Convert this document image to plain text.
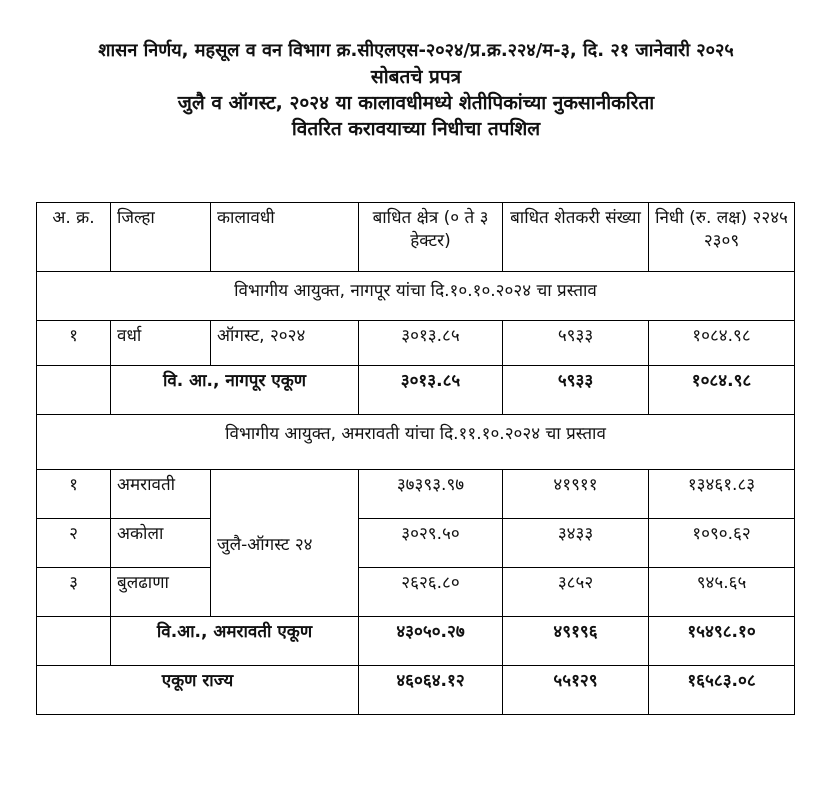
शासन निर्णय, महसूल व वन विभाग क्र.सीएलएस-२०२४/प्र.क्र.२२४/म-३, दि. २१ जानेवारी २०२५
सोबतचे प्रपत्र
जुलै व ऑगस्ट, २०२४ या कालावधीमध्ये शेतीपिकांच्या नुकसानीकरिता
वितरित करावयाच्या निधीचा तपशिल
अ. क्र.	जिल्हा	कालावधी	बाधित क्षेत्र (० ते ३ हेक्टर)	बाधित शेतकरी संख्या	निधी (रु. लक्ष) २२४५ २३०९
विभागीय आयुक्त, नागपूर यांचा दि.१०.१०.२०२४ चा प्रस्ताव					
१	वर्धा	ऑगस्ट, २०२४	३०१३.८५	५९३३	१०८४.९८
	वि. आ., नागपूर एकूण		३०१३.८५	५९३३	१०८४.९८
विभागीय आयुक्त, अमरावती यांचा दि.११.१०.२०२४ चा प्रस्ताव					
१	अमरावती	जुलै-ऑगस्ट २४	३७३९३.९७	४१९११	१३४६१.८३
२	अकोला		३०२९.५०	३४३३	१०९०.६२
३	बुलढाणा		२६२६.८०	३८५२	९४५.६५
	वि.आ., अमरावती एकूण		४३०५०.२७	४९१९६	१५४९८.१०
एकूण राज्य			४६०६४.१२	५५१२९	१६५८३.०८
